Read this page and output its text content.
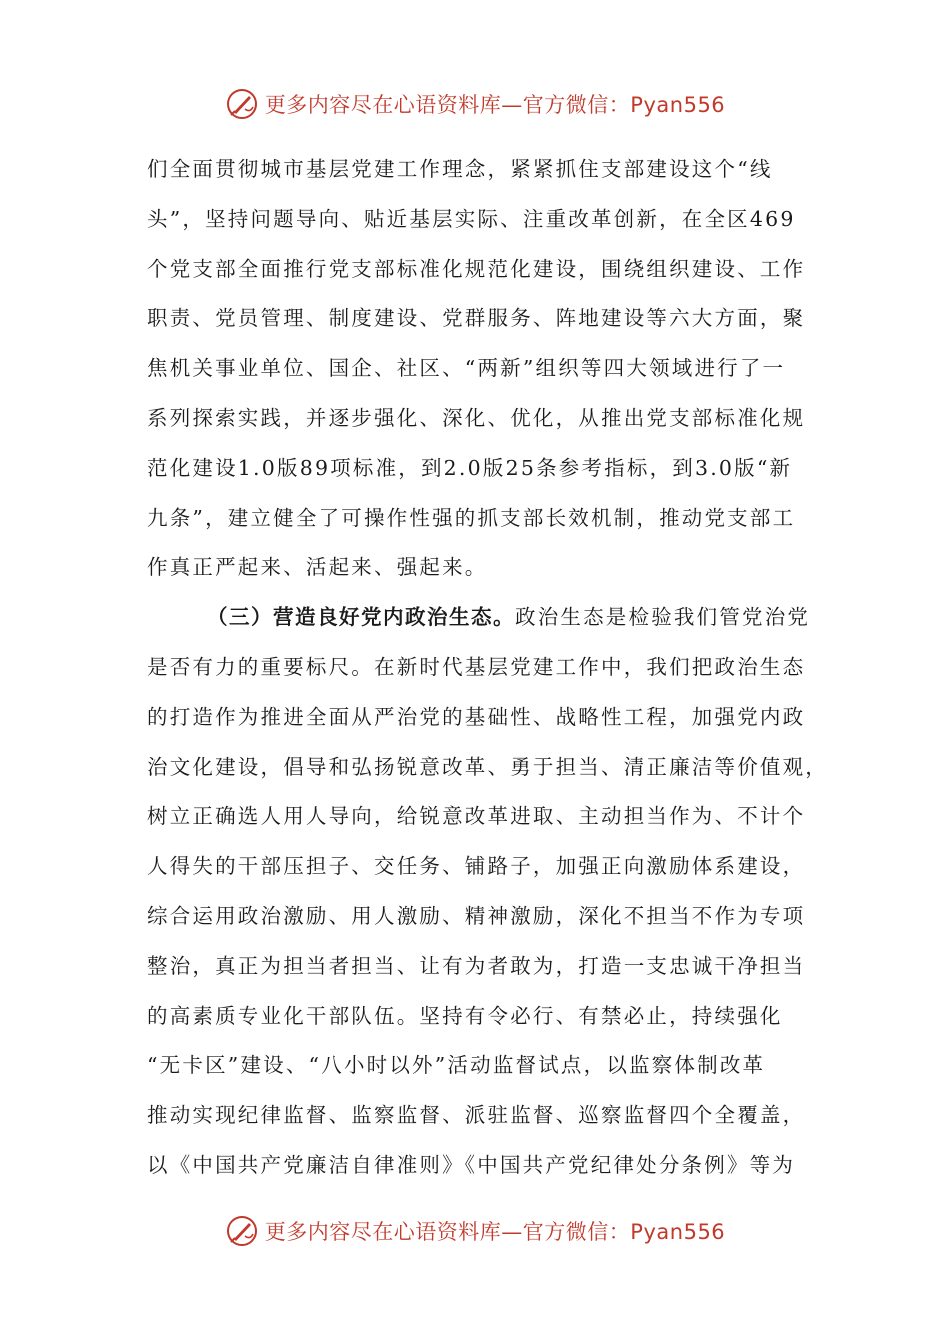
更多内容尽在心语资料库—官方微信：Pyan556
们全面贯彻城市基层党建工作理念，紧紧抓住支部建设这个“线
头”，坚持问题导向、贴近基层实际、注重改革创新，在全区469
个党支部全面推行党支部标准化规范化建设，围绕组织建设、工作
职责、党员管理、制度建设、党群服务、阵地建设等六大方面，聚
焦机关事业单位、国企、社区、“两新”组织等四大领域进行了一
系列探索实践，并逐步强化、深化、优化，从推出党支部标准化规
范化建设1.0版89项标准，到2.0版25条参考指标，到3.0版“新
九条”，建立健全了可操作性强的抓支部长效机制，推动党支部工
作真正严起来、活起来、强起来。
（三）营造良好党内政治生态。政治生态是检验我们管党治党
是否有力的重要标尺。在新时代基层党建工作中，我们把政治生态
的打造作为推进全面从严治党的基础性、战略性工程，加强党内政
治文化建设，倡导和弘扬锐意改革、勇于担当、清正廉洁等价值观，
树立正确选人用人导向，给锐意改革进取、主动担当作为、不计个
人得失的干部压担子、交任务、铺路子，加强正向激励体系建设，
综合运用政治激励、用人激励、精神激励，深化不担当不作为专项
整治，真正为担当者担当、让有为者敢为，打造一支忠诚干净担当
的高素质专业化干部队伍。坚持有令必行、有禁必止，持续强化
“无卡区”建设、“八小时以外”活动监督试点，以监察体制改革
推动实现纪律监督、监察监督、派驻监督、巡察监督四个全覆盖，
以《中国共产党廉洁自律准则》《中国共产党纪律处分条例》等为
更多内容尽在心语资料库—官方微信：Pyan556
